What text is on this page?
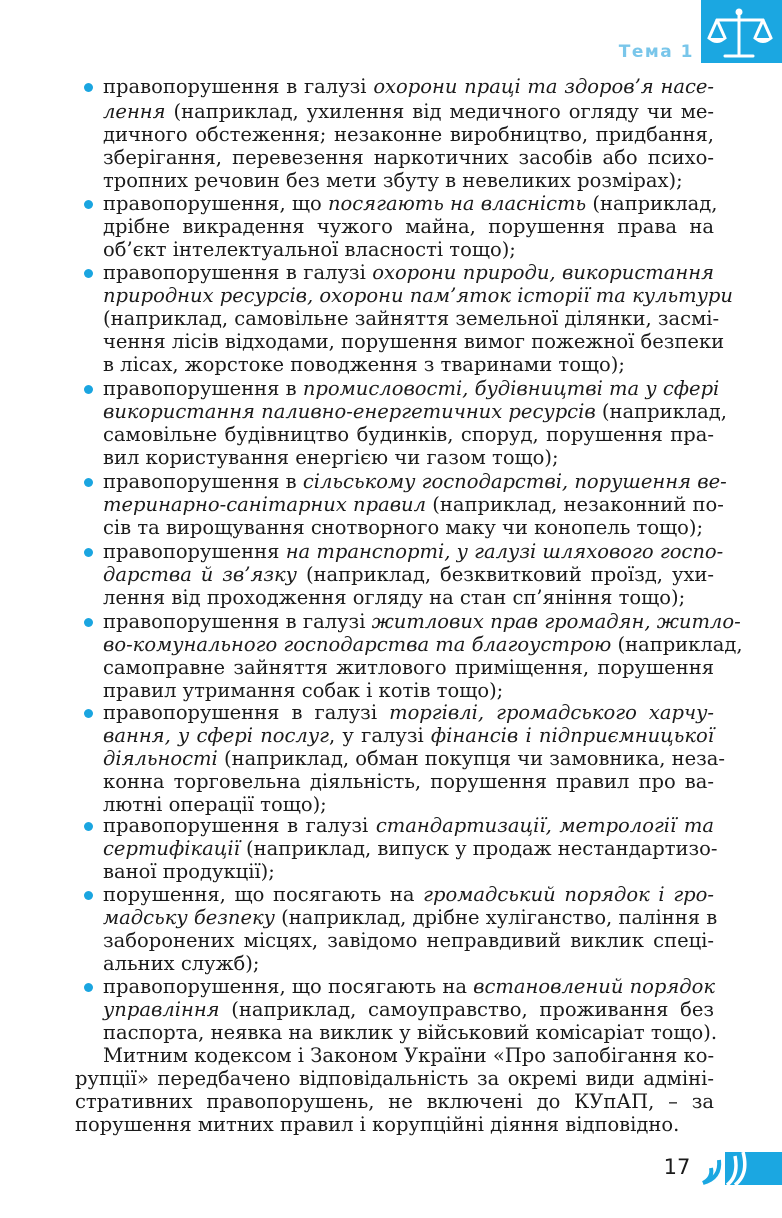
Тема 1
правопорушення в галузі охорони праці та здоров’я насе-
лення (наприклад, ухилення від медичного огляду чи ме-
дичного обстеження; незаконне виробництво, придбання,
зберігання, перевезення наркотичних засобів або психо-
тропних речовин без мети збуту в невеликих розмірах);
правопорушення, що посягають на власність (наприклад,
дрібне викрадення чужого майна, порушення права на
об’єкт інтелектуальної власності тощо);
правопорушення в галузі охорони природи, використання
природних ресурсів, охорони пам’яток історії та культури
(наприклад, самовільне зайняття земельної ділянки, засмі-
чення лісів відходами, порушення вимог пожежної безпеки
в лісах, жорстоке поводження з тваринами тощо);
правопорушення в промисловості, будівництві та у сфері
використання паливно-енергетичних ресурсів (наприклад,
самовільне будівництво будинків, споруд, порушення пра-
вил користування енергією чи газом тощо);
правопорушення в сільському господарстві, порушення ве-
теринарно-санітарних правил (наприклад, незаконний по-
сів та вирощування снотворного маку чи конопель тощо);
правопорушення на транспорті, у галузі шляхового госпо-
дарства й зв’язку (наприклад, безквитковий проїзд, ухи-
лення від проходження огляду на стан сп’яніння тощо);
правопорушення в галузі житлових прав громадян, житло-
во-комунального господарства та благоустрою (наприклад,
самоправне зайняття житлового приміщення, порушення
правил утримання собак і котів тощо);
правопорушення в галузі торгівлі, громадського харчу-
вання, у сфері послуг, у галузі фінансів і підприємницької
діяльності (наприклад, обман покупця чи замовника, неза-
конна торговельна діяльність, порушення правил про ва-
лютні операції тощо);
правопорушення в галузі стандартизації, метрології та
сертифікації (наприклад, випуск у продаж нестандартизо-
ваної продукції);
порушення, що посягають на громадський порядок і гро-
мадську безпеку (наприклад, дрібне хуліганство, паління в
заборонених місцях, завідомо неправдивий виклик спеці-
альних служб);
правопорушення, що посягають на встановлений порядок
управління (наприклад, самоуправство, проживання без
паспорта, неявка на виклик у військовий комісаріат тощо).
Митним кодексом і Законом України «Про запобігання ко-
рупції» передбачено відповідальність за окремі види адміні-
стративних правопорушень, не включені до КУпАП, – за
порушення митних правил і корупційні діяння відповідно.
17
